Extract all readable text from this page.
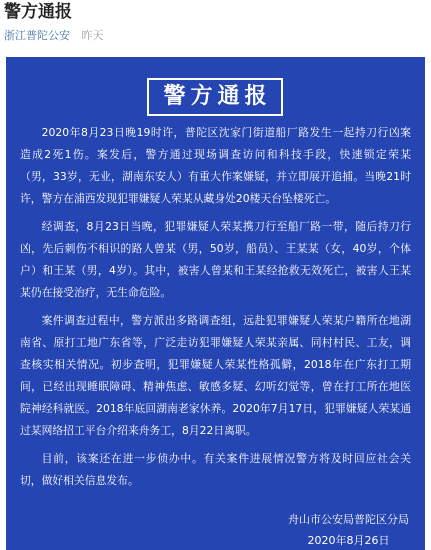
警方通报
浙江普陀公安 昨天
警方通报
2020年8月23日晚19时许，普陀区沈家门街道船厂路发生一起持刀行凶案
造成2死1伤。案发后，警方通过现场调查访问和科技手段，快速锁定荣某
（男，33岁，无业，湖南东安人）有重大作案嫌疑，并立即展开追捕。当晚21时
许，警方在浦西发现犯罪嫌疑人荣某从藏身处20楼天台坠楼死亡。
经调查，8月23日当晚，犯罪嫌疑人荣某携刀行至船厂路一带，随后持刀行
凶，先后刺伤不相识的路人曾某（男，50岁，船员）、王某某（女，40岁，个体
户）和王某（男，4岁）。其中，被害人曾某和王某经抢救无效死亡，被害人王某
某仍在接受治疗，无生命危险。
案件调查过程中，警方派出多路调查组，远赴犯罪嫌疑人荣某户籍所在地湖
南省、原打工地广东省等，广泛走访犯罪嫌疑人荣某亲属、同村村民、工友，调
查核实相关情况。初步查明，犯罪嫌疑人荣某性格孤僻，2018年在广东打工期
间，已经出现睡眠障碍、精神焦虑、敏感多疑、幻听幻觉等，曾在打工所在地医
院神经科就医。2018年底回湖南老家休养。2020年7月17日，犯罪嫌疑人荣某通
过某网络招工平台介绍来舟务工，8月22日离职。
目前，该案还在进一步侦办中。有关案件进展情况警方将及时回应社会关
切，做好相关信息发布。
舟山市公安局普陀区分局
2020年8月26日
